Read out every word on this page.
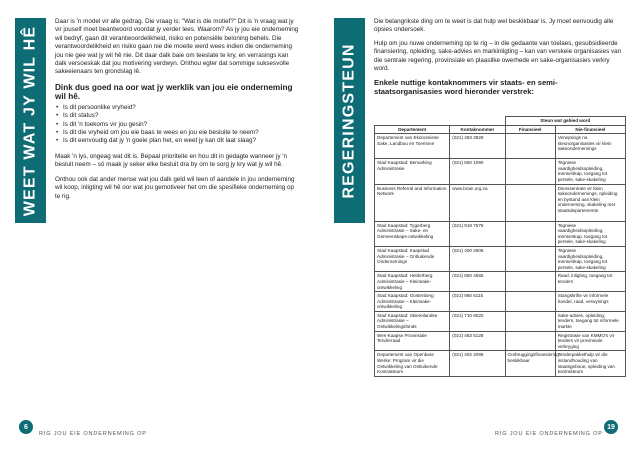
WEET WAT JY WIL HÊ

Daar is 'n model vir alle gedrag. Die vraag is: "Wat is die motief?" Dit is 'n vraag wat jy vir jouself moet beantwoord voordat jy verder lees. Waarom? As jy jou eie onderneming wil bedryf, gaan dit verantwoordelikheid, risiko en potensiële beloning behels. Die verantwoordelikheid en risiko gaan nie die moeite werd wees indien die onderneming jou nie gee wat jy wil hê nie. Dit daar dalk baie om teeslate te kry, en verrasings kan dalk versoeskak dat jou motivering verdwyn. Onthou egter dat sommige suksesvolle sakeeienaars ten grondslag lê.

Dink dus goed na oor wat jy werklik van jou eie onderneming wil hê.
• Is dit persoonlike vryheid?
• Is dit status?
• Is dit 'n toekoms vir jou gesin?
• Is dit die vryheid om jou eie baas te wees en jou eie besluite te neem?
• Is dit eenvoudig dat jy 'n goeie plan het, en weet jy kan dit laat slaag?

Maak 'n lys, ongeag wat dit is. Bepaal prioriteite en hou dit in gedagte wanneer jy 'n besluit neem – só maak jy seker elke besluit dra by om te sorg jy kry wat jy wil hê.

Onthou ook dat ander mense wat jou dalk geld wil leen of aandele in jou onderneming wil koop, inligting wil hê oor wat jou gemotiveer het om die spesifieke onderneming op te rig.

6
RIG JOU EIE ONDERNEMING OP
REGERINGSTEUN

Die belangrikste ding om te weet is dat hulp wel beskikbaar is. Jy moet eenvoudig alle opsies ondersoek.

Hulp om jou nuwe onderneming op te rig – in die gedaante van toelaes, gesubsidieerde finansiering, opleiding, sake-advies en markinligting – kan van verskeie organisasies van die sentrale regering, provinsiale en plaaslike owerhede en sake-organisasies verkry word.

Enkele nuttige kontaknommers vir staats- en semi-staatsorganisasies word hieronder verstrek:
		Steun wat gebied word	
Departement	Kontaknommer	Finansieel	Nie-finansieel
Departement van Ekonomiese Sake, Landbou en Toerisme	(021) 483 2828		Verwysings na steunorganisasies vir klein sakeondernemings
Stad Kaapstad: Bemarking Administrasie	(021) 550 1090		Tegniese vaardigheidsopleiding, mentorskap, toegang tot persele, sake-skakeling
Business Referral and Information Network	www.brain.org.za		Dienssentrale vir klein sakeondernemings, opleiding en bystand aan klein onderneming, skakeling met staatsdepartemente
Stad Kaapstad: Tygerberg Administrasie – Sake- en Gemeenskaps-ontwikkeling	(021) 918 7576		Tegniese vaardigheidsopleiding, mentorskap, toegang tot persele, sake-skakeling
Stad Kaapstad: Kaapstad Administrasie – Ontluikende Ondernemings	(021) 400 2605		Tegniese vaardigheidsopleiding, mentorskap, toegang tot persele, sake-skakeling
Stad Kaapstad: Helderberg Administrasie – Kleinsake-ontwikkeling	(021) 850 4555		Raad, inligting, toegang tot tenders
Stad Kaapstad: Oostenberg Administrasie – Kleinsake-ontwikkeling	(021) 980 6115		Stangskrifte vir informele handel, raad, verwysings
Stad Kaapstad: Skiereilandse Administrasie – Ontwikkelingsfonds	(021) 710 8020		Sake-advies, opleiding, tenders, toegang tot informele markte
Wes-Kaapse Provinsiale Tenderraad	(021) 483 5128		Registrasie van KMMO's vir tenders vir provinsiale verkryging
Departement van Openbare Werke: Program vir die Ontwikkeling van Ontluikende Kontrakteurs	(021) 402 2098	Oorbruggingsfinansiering beskikbaar	Tenderpakkethulp vir die instandhouding van staatsgeboue, opleiding van kontrakteurs
19
RIG JOU EIE ONDERNEMING OP
